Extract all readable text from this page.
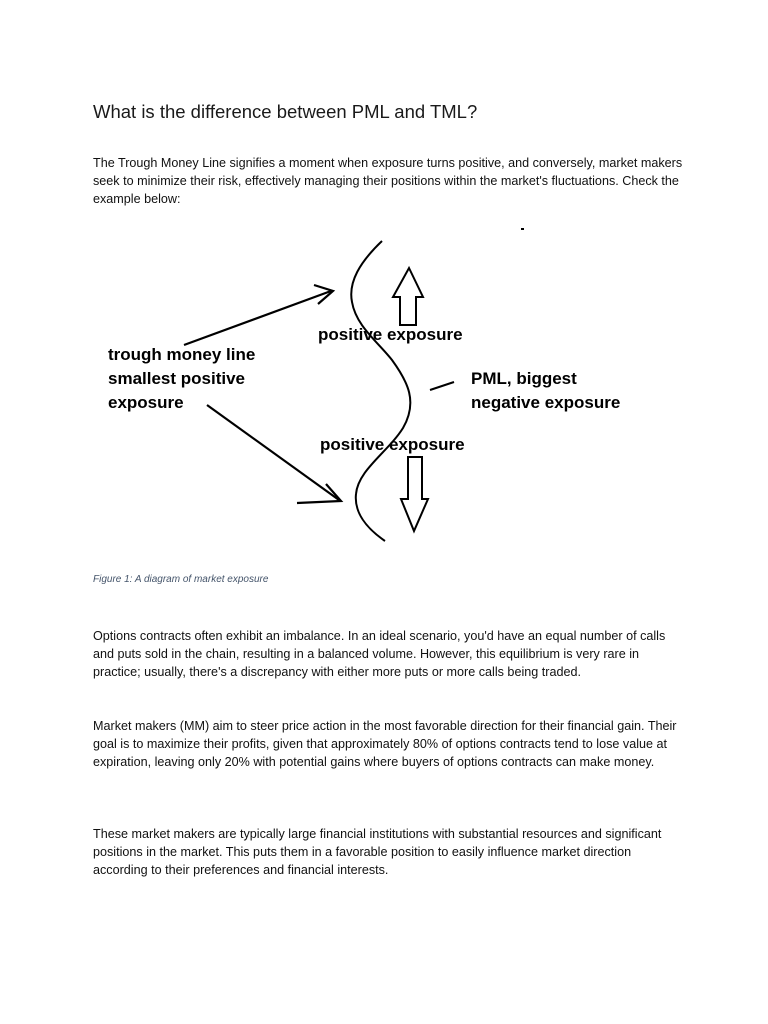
What is the difference between PML and TML?

The Trough Money Line signifies a moment when exposure turns positive, and conversely, market makers seek to minimize their risk, effectively managing their positions within the market's fluctuations. Check the example below:

trough money line
smallest positive
exposure
positive exposure
positive exposure
PML, biggest
negative exposure

Figure 1: A diagram of market exposure

Options contracts often exhibit an imbalance. In an ideal scenario, you'd have an equal number of calls and puts sold in the chain, resulting in a balanced volume. However, this equilibrium is very rare in practice; usually, there's a discrepancy with either more puts or more calls being traded.

Market makers (MM) aim to steer price action in the most favorable direction for their financial gain. Their goal is to maximize their profits, given that approximately 80% of options contracts tend to lose value at expiration, leaving only 20% with potential gains where buyers of options contracts can make money.

These market makers are typically large financial institutions with substantial resources and significant positions in the market. This puts them in a favorable position to easily influence market direction according to their preferences and financial interests.
